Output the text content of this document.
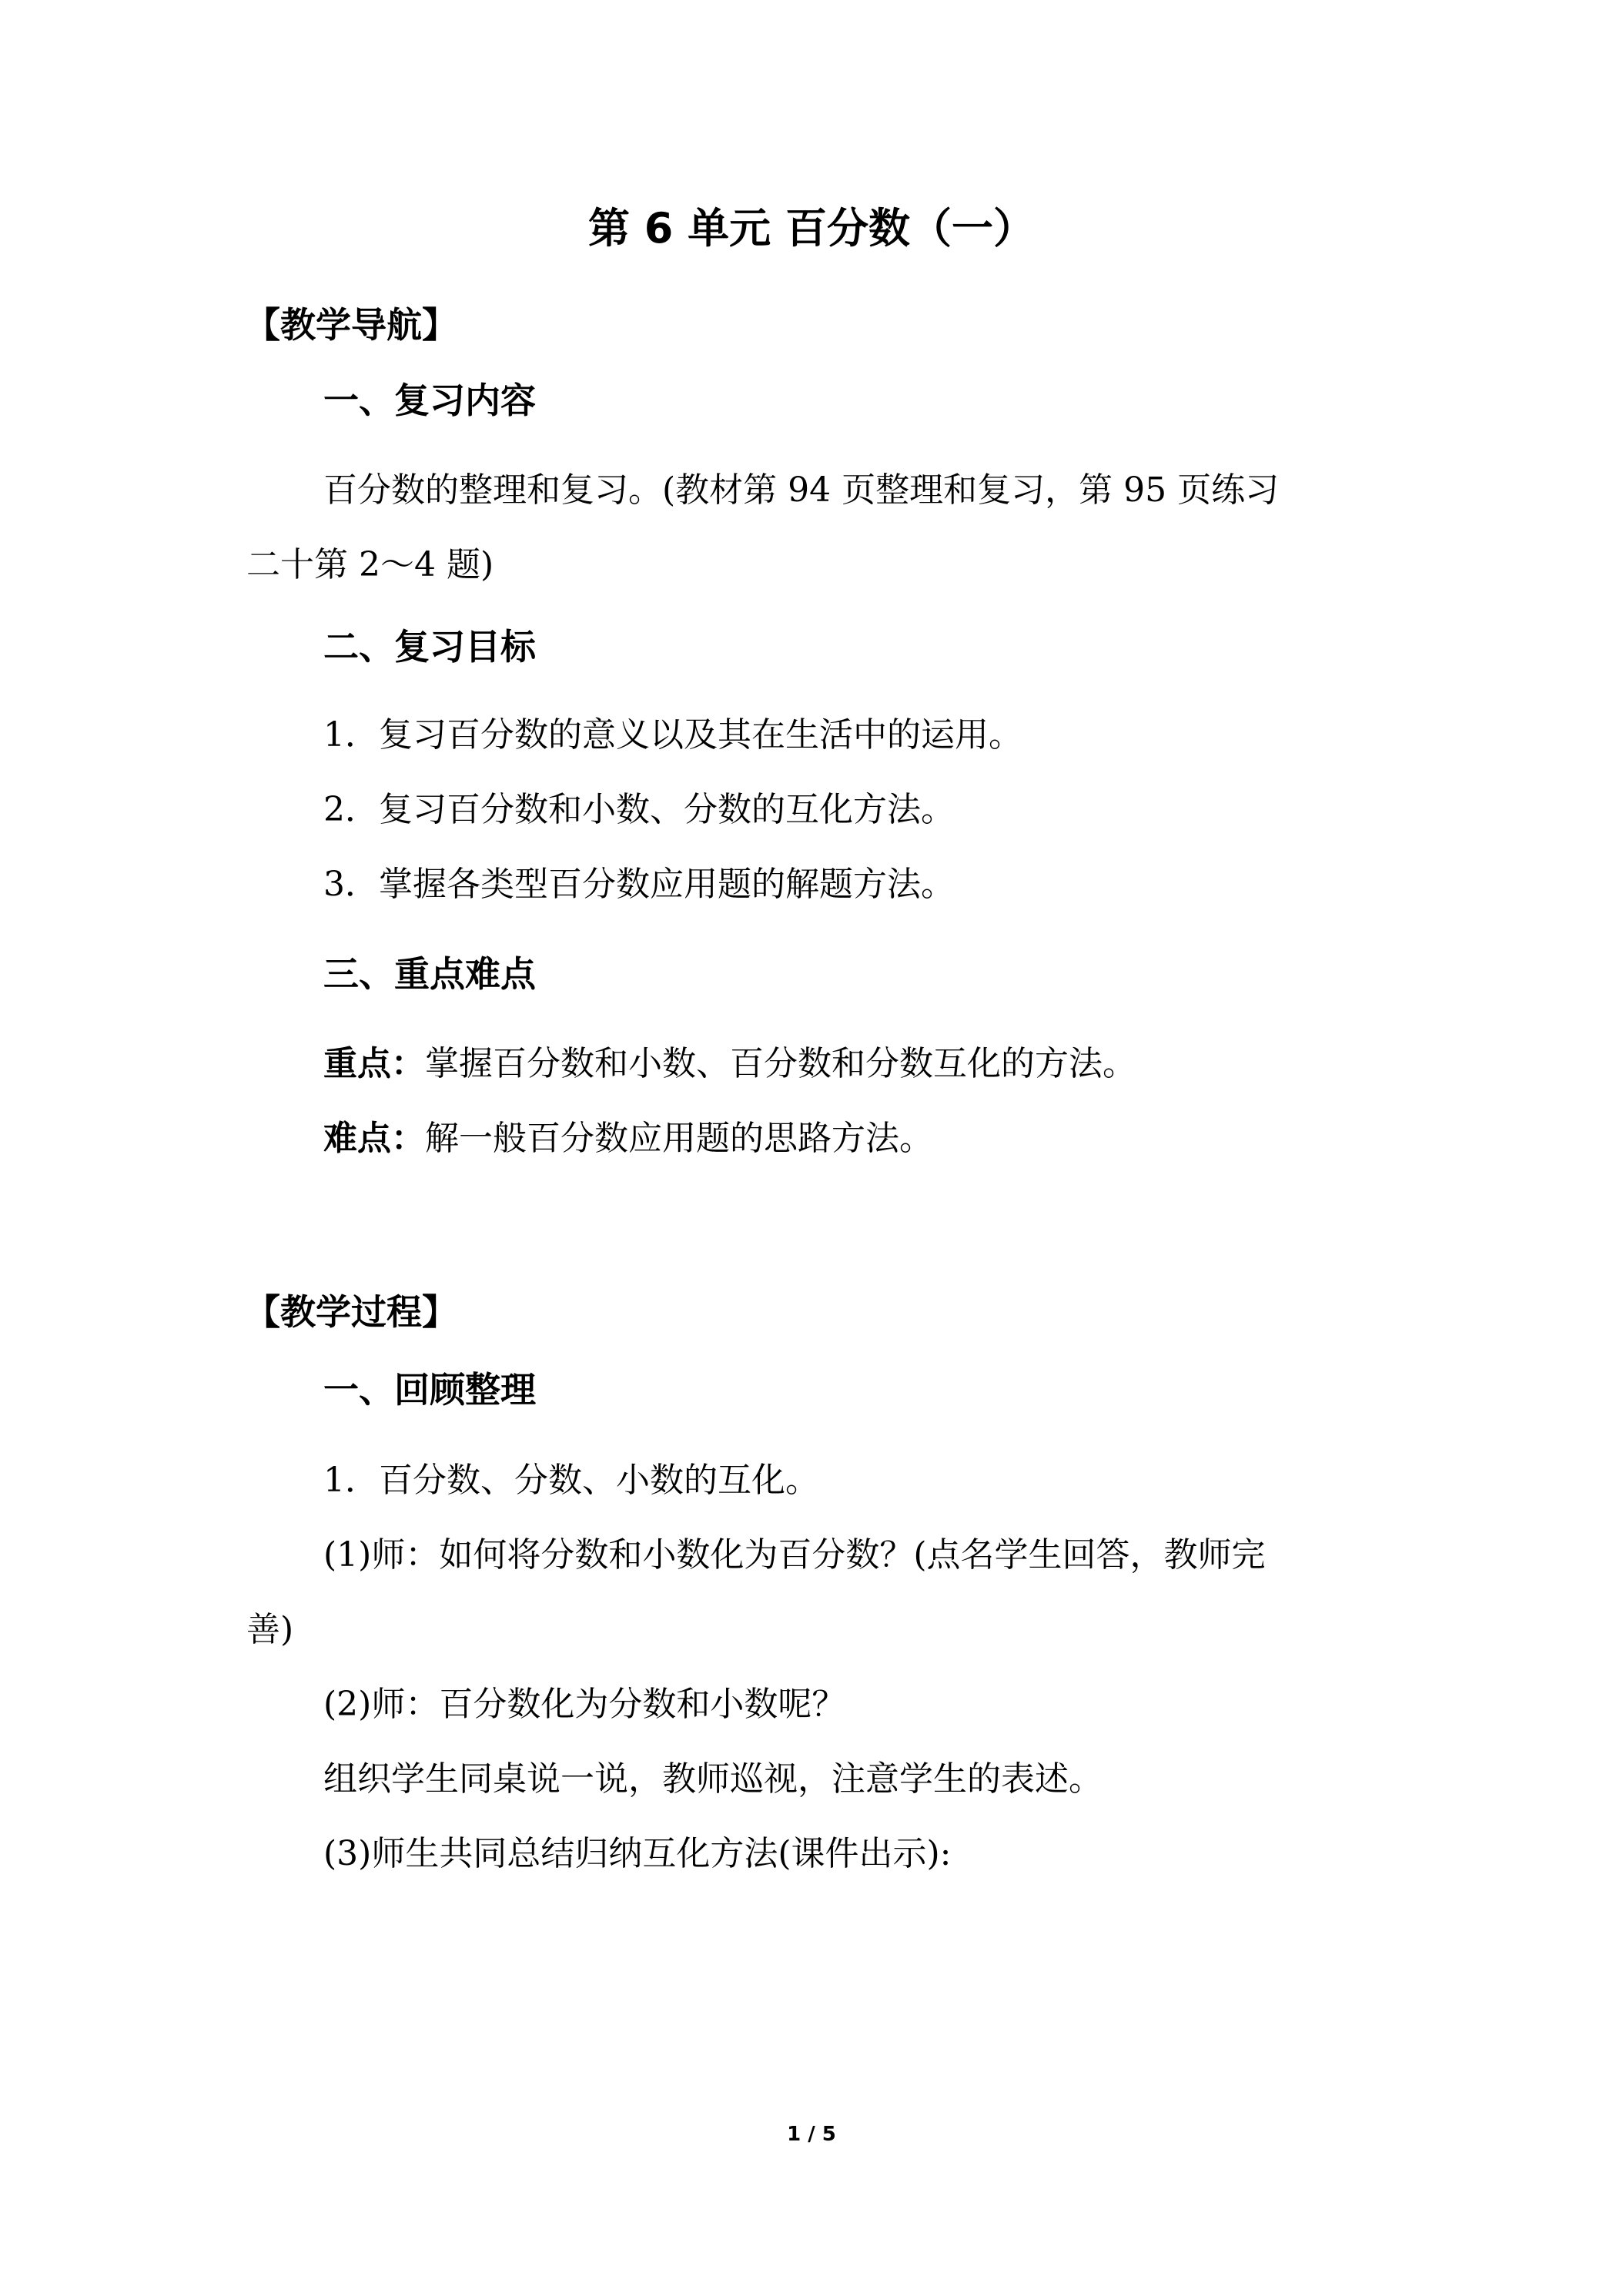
第 6 单元 百分数（一）
【教学导航】
一、复习内容
百分数的整理和复习。(教材第 94 页整理和复习，第 95 页练习
二十第 2～4 题)
二、复习目标
1．复习百分数的意义以及其在生活中的运用。
2．复习百分数和小数、分数的互化方法。
3．掌握各类型百分数应用题的解题方法。
三、重点难点
重点：掌握百分数和小数、百分数和分数互化的方法。
难点：解一般百分数应用题的思路方法。
【教学过程】
一、回顾整理
1．百分数、分数、小数的互化。
(1)师：如何将分数和小数化为百分数？(点名学生回答，教师完
善)
(2)师：百分数化为分数和小数呢？
组织学生同桌说一说，教师巡视，注意学生的表述。
(3)师生共同总结归纳互化方法(课件出示):
1 / 5
